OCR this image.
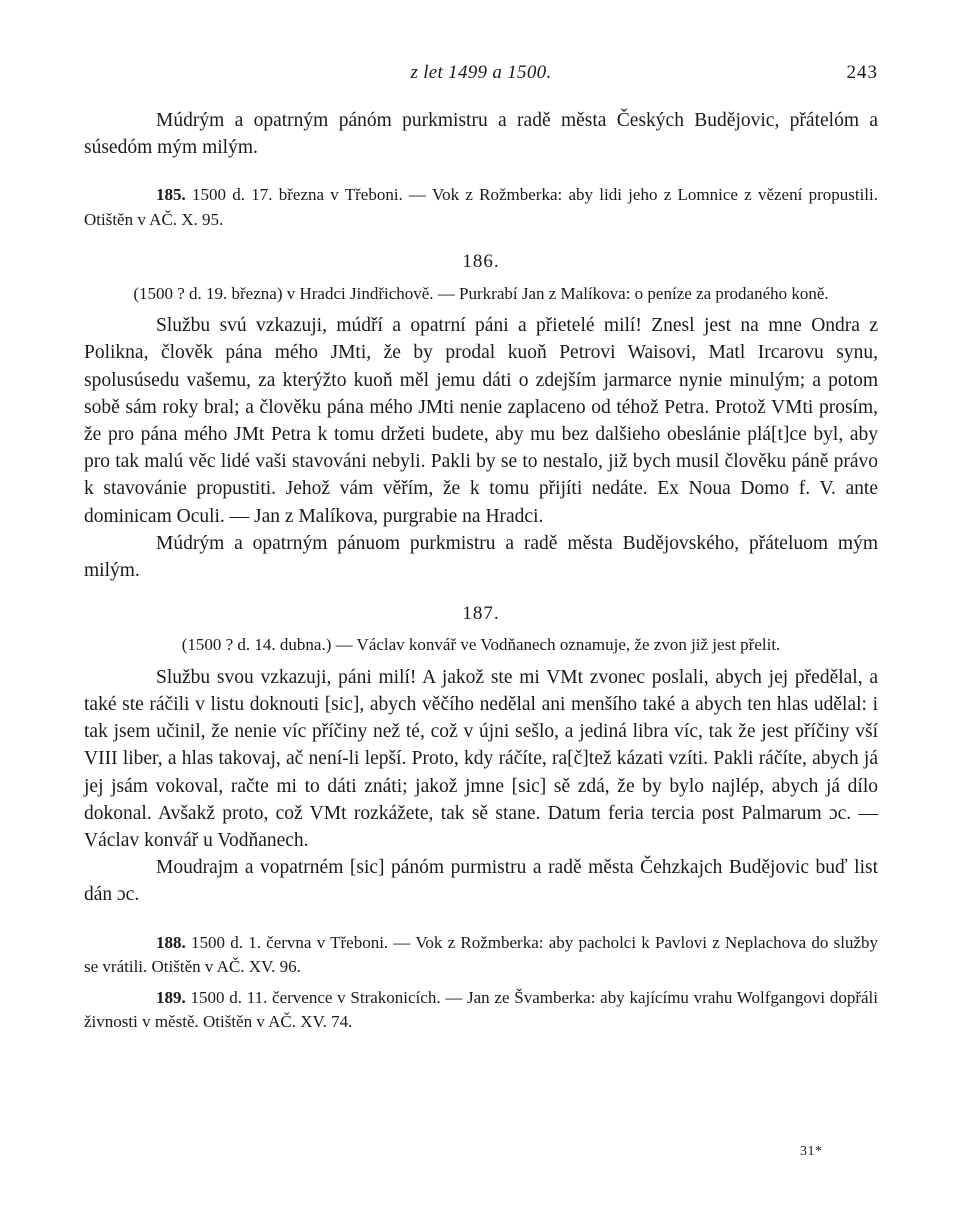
z let 1499 a 1500.	243

Múdrým a opatrným pánóm purkmistru a radě města Českých Budějovic, přátelóm a súsedóm mým milým.

185. 1500 d. 17. března v Třeboni. — Vok z Rožmberka: aby lidi jeho z Lomnice z vězení propustili. Otištěn v AČ. X. 95.

186.
(1500 ? d. 19. března) v Hradci Jindřichově. — Purkrabí Jan z Malíkova: o peníze za prodaného koně.

Službu svú vzkazuji, múdří a opatrní páni a přietelé milí! Znesl jest na mne Ondra z Polikna, člověk pána mého JMti, že by prodal kuoň Petrovi Waisovi, Matl Ircarovu synu, spolusúsedu vašemu, za kterýžto kuoň měl jemu dáti o zdejším jarmarce nynie minulým; a potom sobě sám roky bral; a člověku pána mého JMti nenie zaplaceno od téhož Petra. Protož VMti prosím, že pro pána mého JMt Petra k tomu držeti budete, aby mu bez dalšieho obeslánie plá[t]ce byl, aby pro tak malú věc lidé vaši stavováni nebyli. Pakli by se to nestalo, již bych musil člověku páně právo k stavovánie propustiti. Jehož vám věřím, že k tomu přijíti nedáte. Ex Noua Domo f. V. ante dominicam Oculi. — Jan z Malíkova, purgrabie na Hradci.

Múdrým a opatrným pánuom purkmistru a radě města Budějovského, přáteluom mým milým.

187.
(1500 ? d. 14. dubna.) — Václav konvář ve Vodňanech oznamuje, že zvon již jest přelit.

Službu svou vzkazuji, páni milí! A jakož ste mi VMt zvonec poslali, abych jej předělal, a také ste ráčili v listu doknouti [sic], abych věčího nedělal ani menšího také a abych ten hlas udělal: i tak jsem učinil, že nenie víc příčiny než té, což v újni sešlo, a jediná libra víc, tak že jest příčiny vší VIII liber, a hlas takovaj, ač není-li lepší. Proto, kdy ráčíte, ra[č]tež kázati vzíti. Pakli ráčíte, abych já jej jsám vokoval, račte mi to dáti znáti; jakož jmne [sic] sě zdá, že by bylo najlép, abych já dílo dokonal. Avšakž proto, což VMt rozkážete, tak sě stane. Datum feria tercia post Palmarum ɔc. — Václav konvář u Vodňanech.

Moudrajm a vopatrném [sic] pánóm purmistru a radě města Čehzkajch Budějovic buď list dán ɔc.

188. 1500 d. 1. června v Třeboni. — Vok z Rožmberka: aby pacholci k Pavlovi z Neplachova do služby se vrátili. Otištěn v AČ. XV. 96.

189. 1500 d. 11. července v Strakonicích. — Jan ze Švamberka: aby kajícímu vrahu Wolfgangovi dopřáli živnosti v městě. Otištěn v AČ. XV. 74.

31*
